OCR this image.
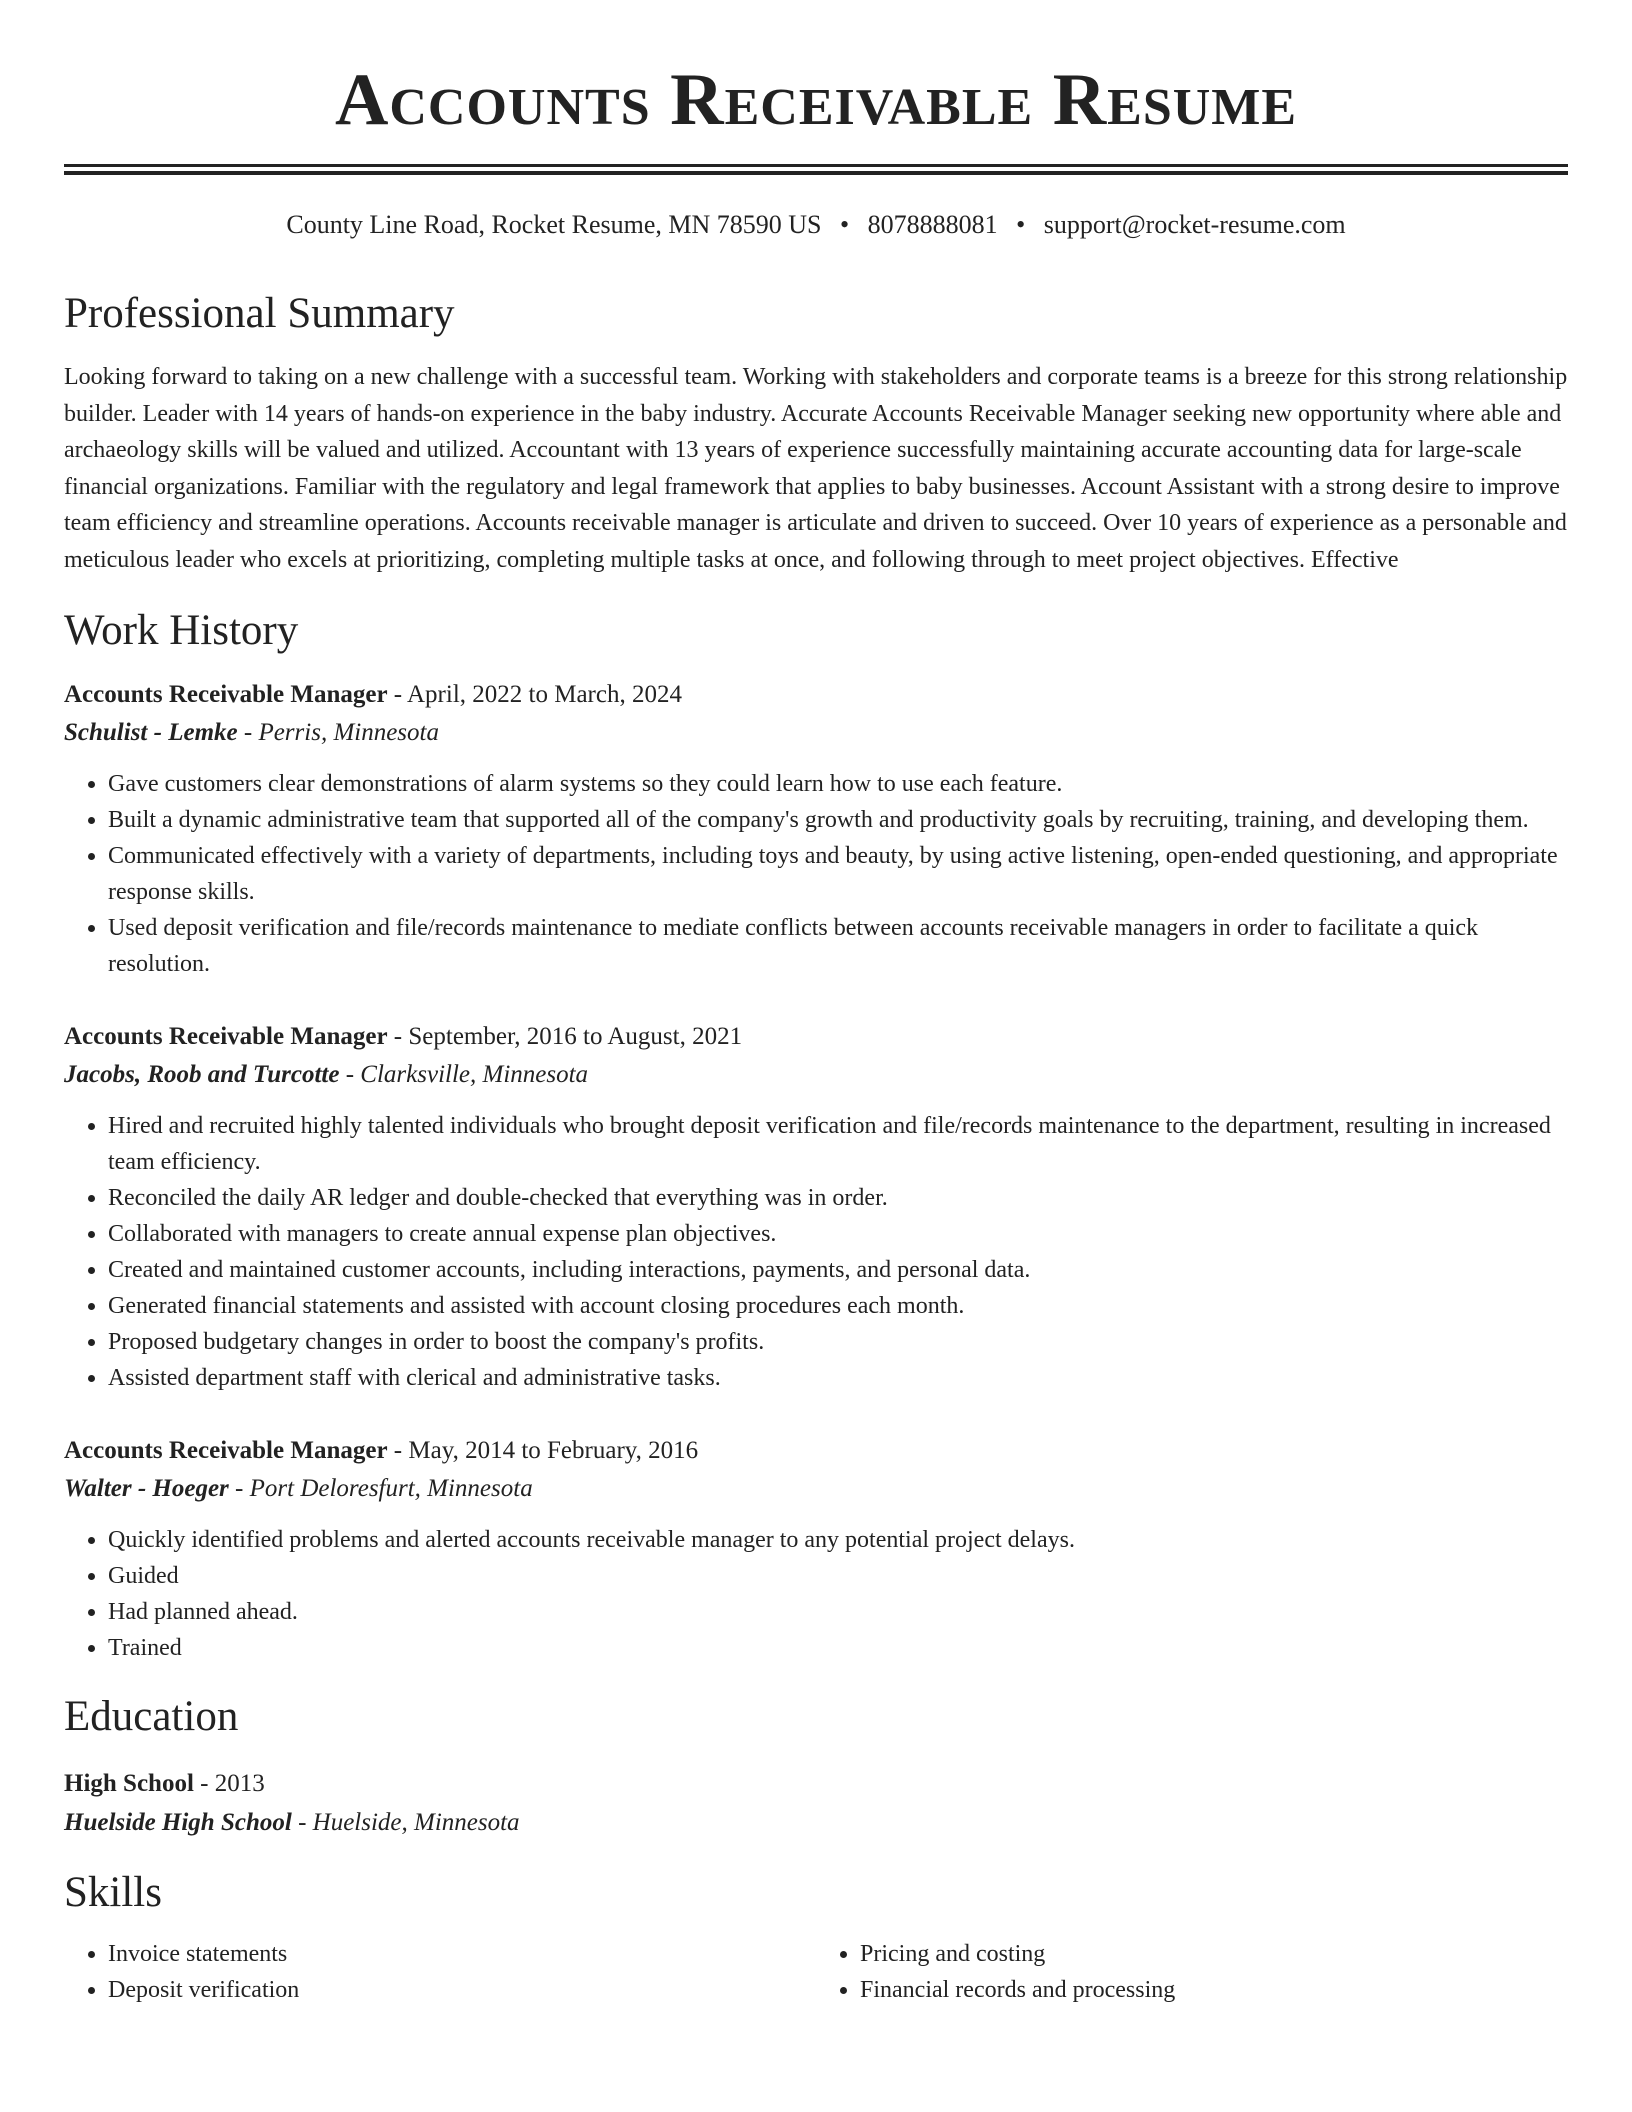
Accounts Receivable Resume
County Line Road, Rocket Resume, MN 78590 US • 8078888081 • support@rocket-resume.com
Professional Summary

Looking forward to taking on a new challenge with a successful team. Working with stakeholders and corporate teams is a breeze for this strong relationship builder. Leader with 14 years of hands-on experience in the baby industry. Accurate Accounts Receivable Manager seeking new opportunity where able and archaeology skills will be valued and utilized. Accountant with 13 years of experience successfully maintaining accurate accounting data for large-scale financial organizations. Familiar with the regulatory and legal framework that applies to baby businesses. Account Assistant with a strong desire to improve team efficiency and streamline operations. Accounts receivable manager is articulate and driven to succeed. Over 10 years of experience as a personable and meticulous leader who excels at prioritizing, completing multiple tasks at once, and following through to meet project objectives. Effective

Work History
Accounts Receivable Manager - April, 2022 to March, 2024
Schulist - Lemke - Perris, Minnesota
• Gave customers clear demonstrations of alarm systems so they could learn how to use each feature.
• Built a dynamic administrative team that supported all of the company's growth and productivity goals by recruiting, training, and developing them.
• Communicated effectively with a variety of departments, including toys and beauty, by using active listening, open-ended questioning, and appropriate response skills.
• Used deposit verification and file/records maintenance to mediate conflicts between accounts receivable managers in order to facilitate a quick resolution.
Accounts Receivable Manager - September, 2016 to August, 2021
Jacobs, Roob and Turcotte - Clarksville, Minnesota
• Hired and recruited highly talented individuals who brought deposit verification and file/records maintenance to the department, resulting in increased team efficiency.
• Reconciled the daily AR ledger and double-checked that everything was in order.
• Collaborated with managers to create annual expense plan objectives.
• Created and maintained customer accounts, including interactions, payments, and personal data.
• Generated financial statements and assisted with account closing procedures each month.
• Proposed budgetary changes in order to boost the company's profits.
• Assisted department staff with clerical and administrative tasks.
Accounts Receivable Manager - May, 2014 to February, 2016
Walter - Hoeger - Port Deloresfurt, Minnesota
• Quickly identified problems and alerted accounts receivable manager to any potential project delays.
• Guided
• Had planned ahead.
• Trained
Education
High School - 2013
Huelside High School - Huelside, Minnesota
Skills
• Invoice statements
• Deposit verification
• Pricing and costing
• Financial records and processing
